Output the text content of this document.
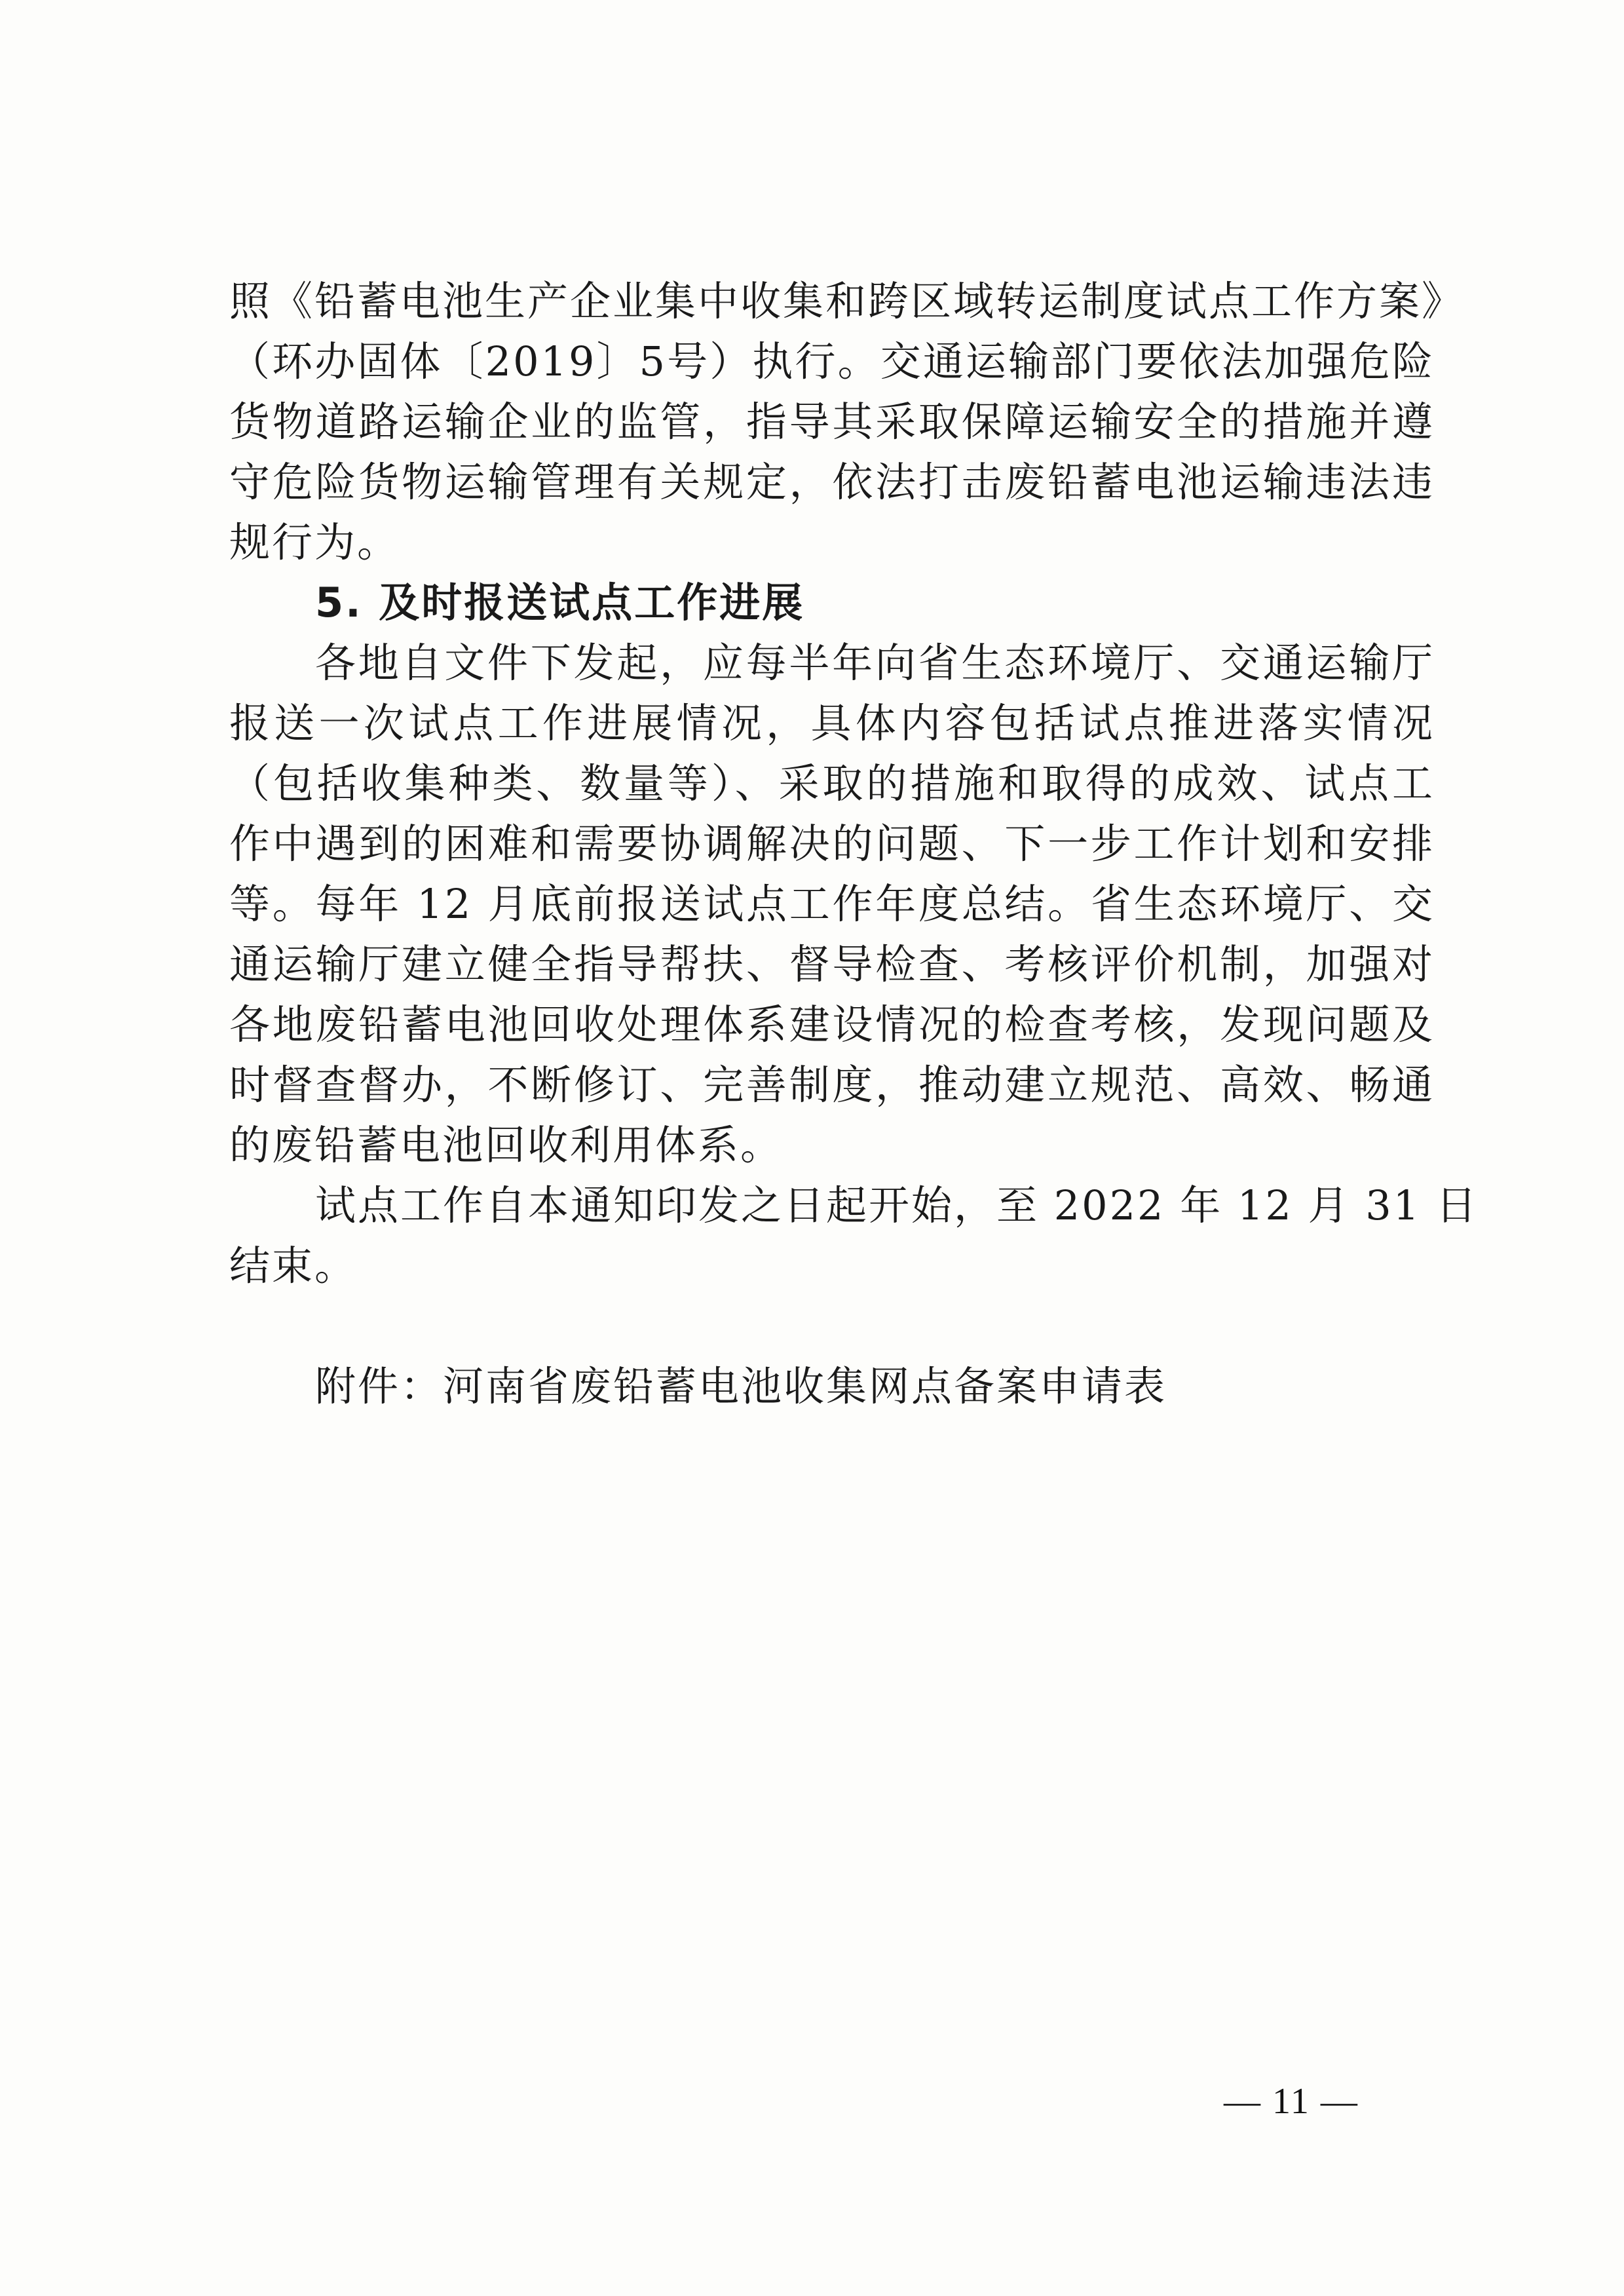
照《铅蓄电池生产企业集中收集和跨区域转运制度试点工作方案》
（环办固体〔2019〕5号）执行。交通运输部门要依法加强危险
货物道路运输企业的监管，指导其采取保障运输安全的措施并遵
守危险货物运输管理有关规定，依法打击废铅蓄电池运输违法违
规行为。
5. 及时报送试点工作进展
各地自文件下发起，应每半年向省生态环境厅、交通运输厅
报送一次试点工作进展情况，具体内容包括试点推进落实情况
（包括收集种类、数量等）、采取的措施和取得的成效、试点工
作中遇到的困难和需要协调解决的问题、下一步工作计划和安排
等。每年 12 月底前报送试点工作年度总结。省生态环境厅、交
通运输厅建立健全指导帮扶、督导检查、考核评价机制，加强对
各地废铅蓄电池回收处理体系建设情况的检查考核，发现问题及
时督查督办，不断修订、完善制度，推动建立规范、高效、畅通
的废铅蓄电池回收利用体系。
试点工作自本通知印发之日起开始，至 2022 年 12 月 31 日
结束。
附件：河南省废铅蓄电池收集网点备案申请表
— 11 —
